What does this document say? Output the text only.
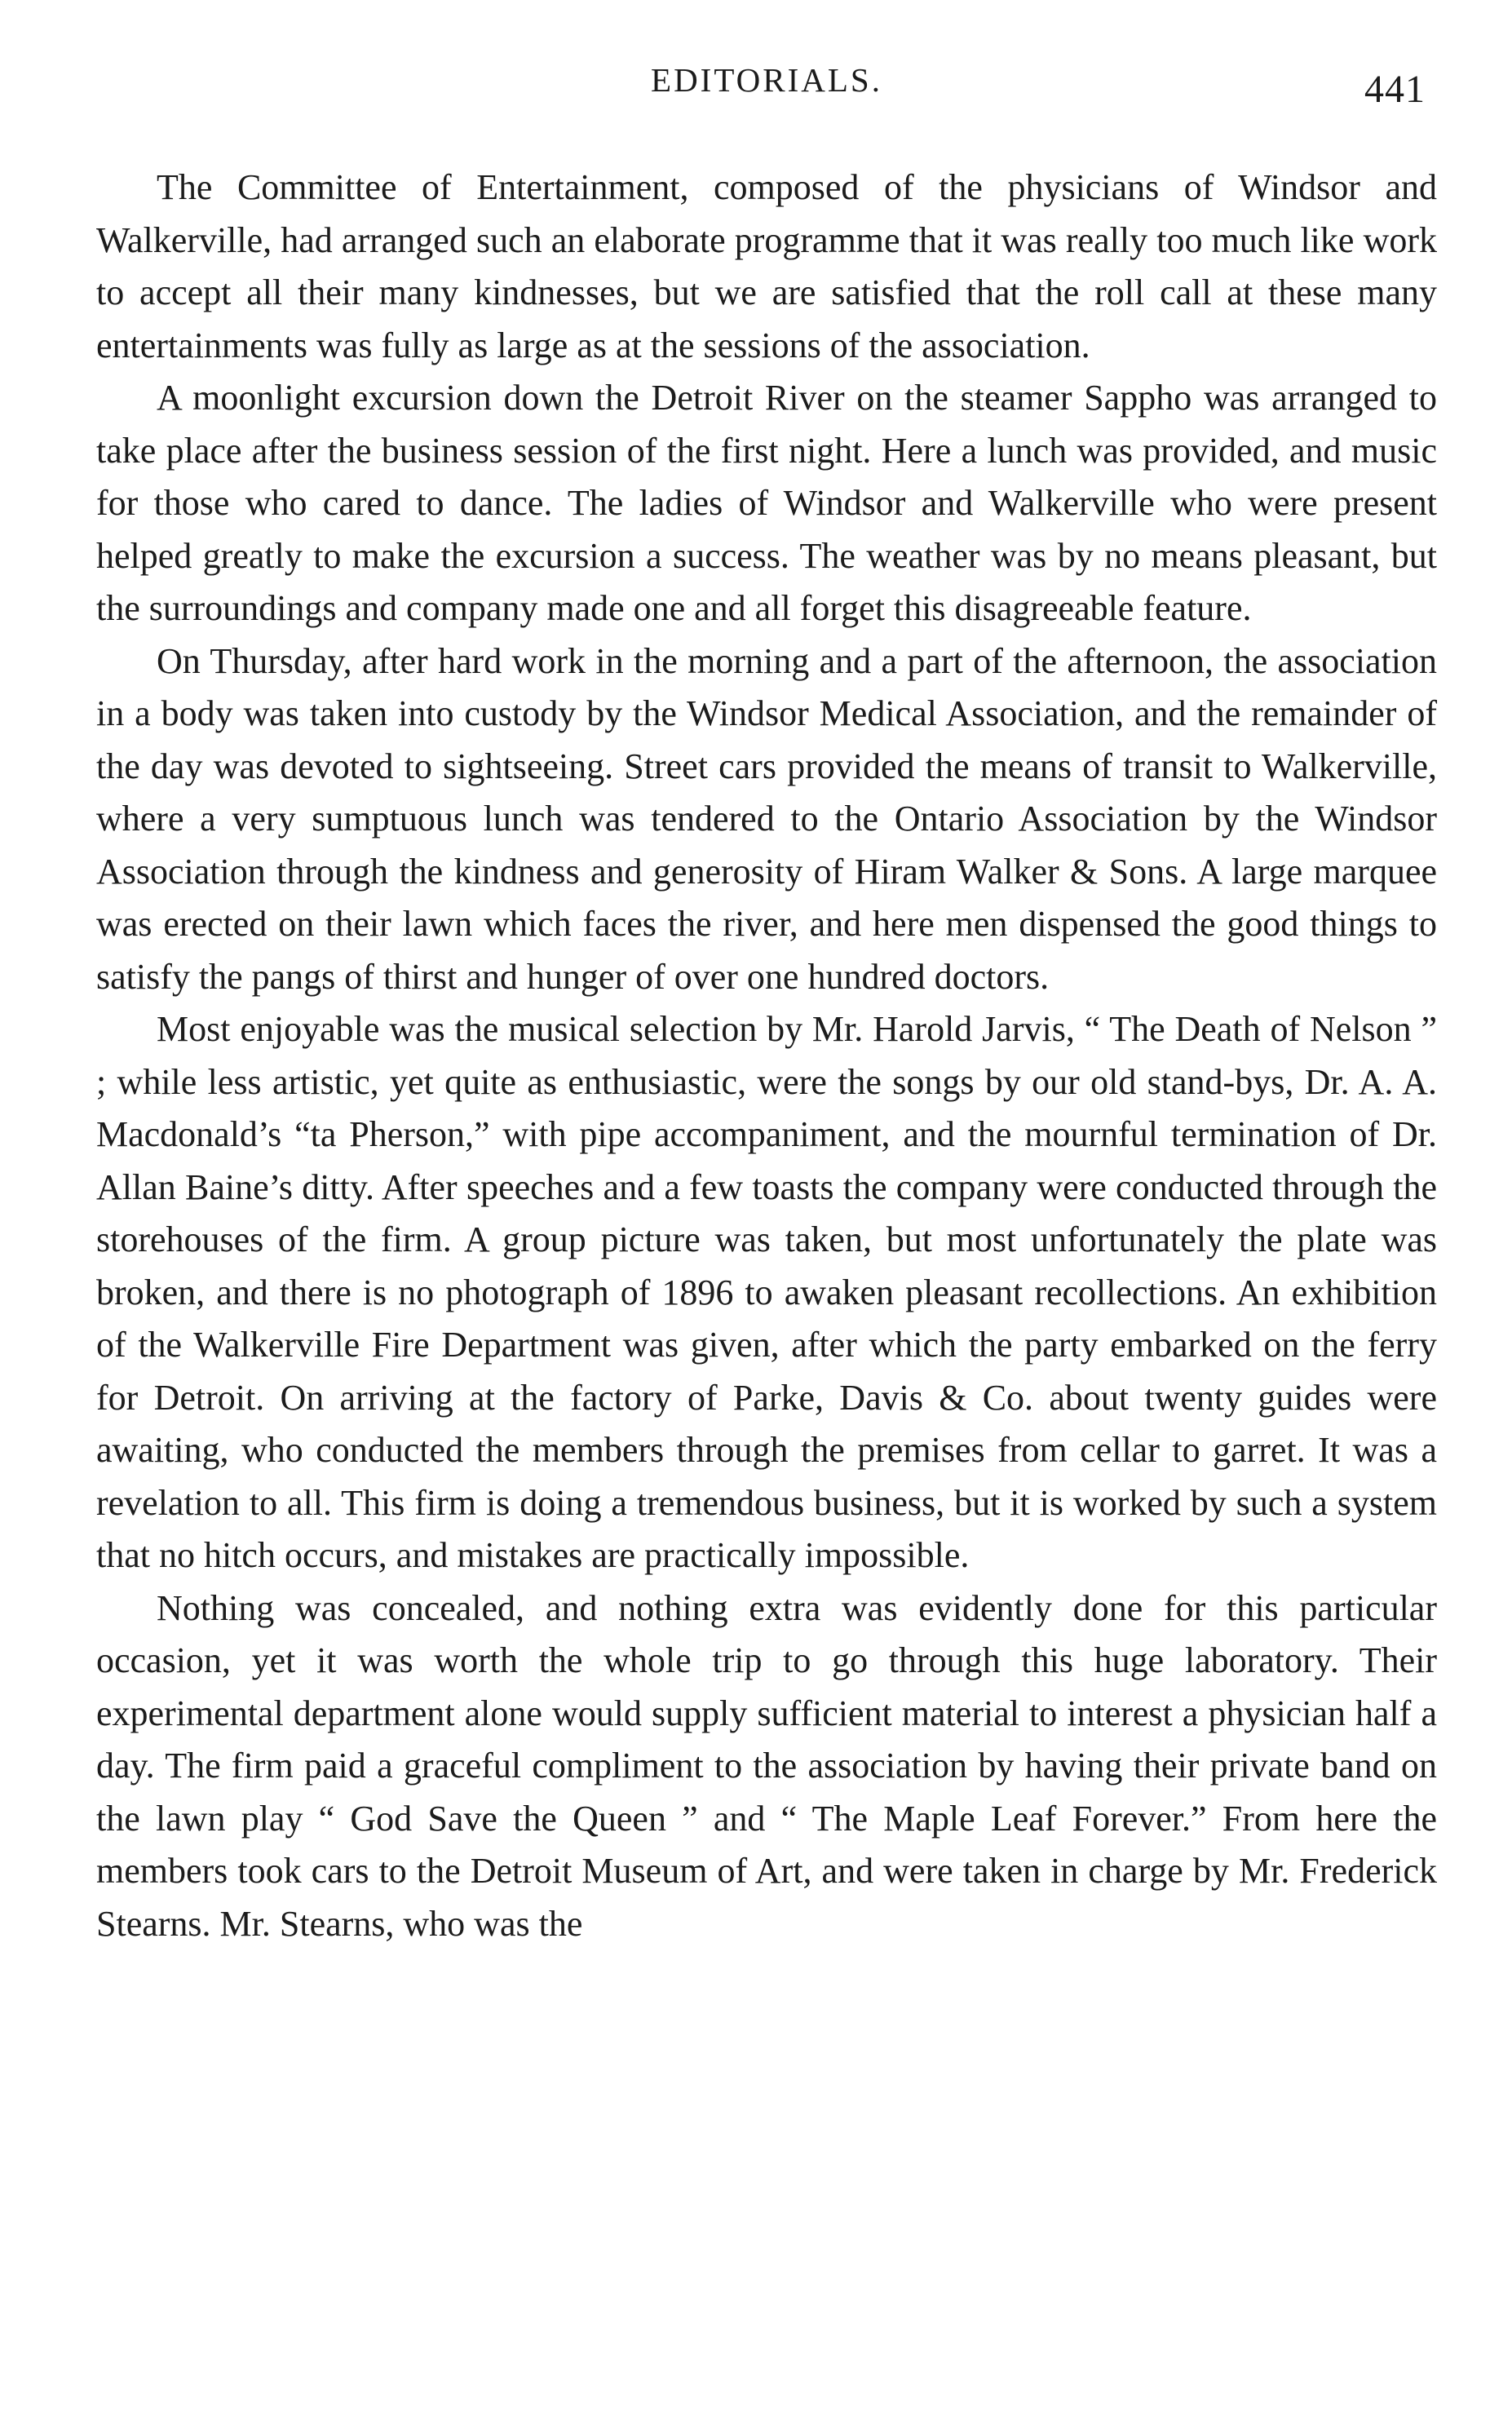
EDITORIALS.	441

The Committee of Entertainment, composed of the physicians of Windsor and Walkerville, had arranged such an elaborate programme that it was really too much like work to accept all their many kindnesses, but we are satisfied that the roll call at these many entertainments was fully as large as at the sessions of the association.

A moonlight excursion down the Detroit River on the steamer Sappho was arranged to take place after the business session of the first night. Here a lunch was provided, and music for those who cared to dance. The ladies of Windsor and Walkerville who were present helped greatly to make the excursion a success. The weather was by no means pleasant, but the surroundings and company made one and all forget this disagreeable feature.

On Thursday, after hard work in the morning and a part of the afternoon, the association in a body was taken into custody by the Windsor Medical Association, and the remainder of the day was devoted to sightseeing. Street cars provided the means of transit to Walkerville, where a very sumptuous lunch was tendered to the Ontario Association by the Windsor Association through the kindness and generosity of Hiram Walker & Sons. A large marquee was erected on their lawn which faces the river, and here men dispensed the good things to satisfy the pangs of thirst and hunger of over one hundred doctors.

Most enjoyable was the musical selection by Mr. Harold Jarvis, “ The Death of Nelson ” ; while less artistic, yet quite as enthusiastic, were the songs by our old stand-bys, Dr. A. A. Macdonald’s “ta Pherson,” with pipe accompaniment, and the mournful termination of Dr. Allan Baine’s ditty. After speeches and a few toasts the company were conducted through the storehouses of the firm. A group picture was taken, but most unfortunately the plate was broken, and there is no photograph of 1896 to awaken pleasant recollections. An exhibition of the Walkerville Fire Department was given, after which the party embarked on the ferry for Detroit. On arriving at the factory of Parke, Davis & Co. about twenty guides were awaiting, who conducted the members through the premises from cellar to garret. It was a revelation to all. This firm is doing a tremendous business, but it is worked by such a system that no hitch occurs, and mistakes are practically impossible.

Nothing was concealed, and nothing extra was evidently done for this particular occasion, yet it was worth the whole trip to go through this huge laboratory. Their experimental department alone would supply sufficient material to interest a physician half a day. The firm paid a graceful compliment to the association by having their private band on the lawn play “ God Save the Queen ” and “ The Maple Leaf Forever.” From here the members took cars to the Detroit Museum of Art, and were taken in charge by Mr. Frederick Stearns. Mr. Stearns, who was the
